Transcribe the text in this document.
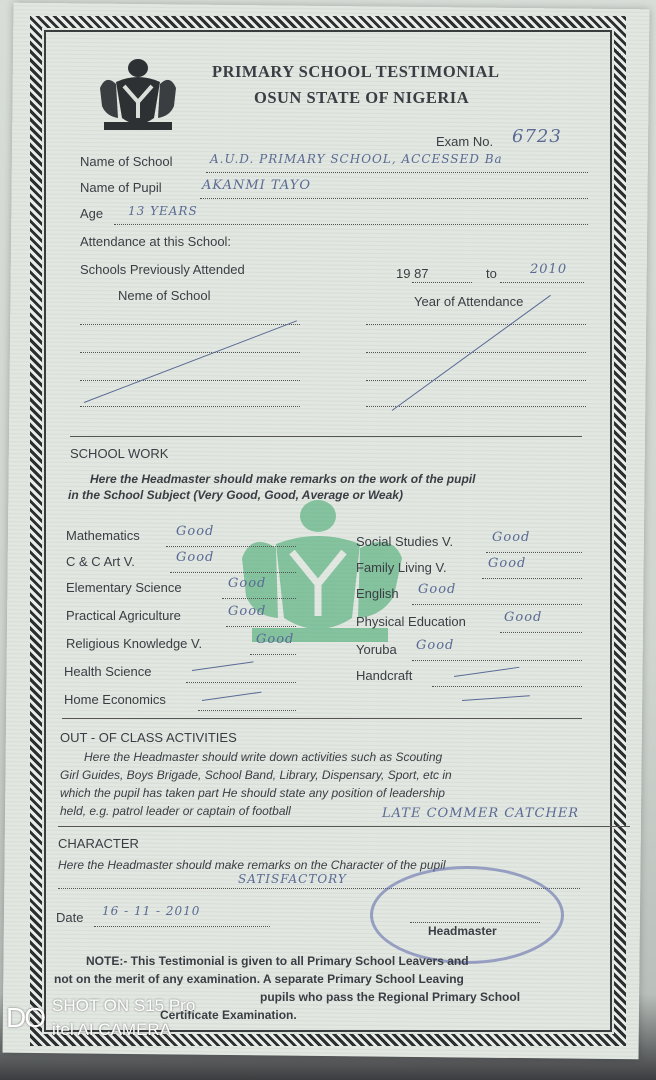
PRIMARY SCHOOL TESTIMONIAL
OSUN STATE OF NIGERIA
Exam No. 6723
Name of School	A.U.D. PRIMARY SCHOOL, ACCESSED Ba
Name of Pupil	AKANMI TAYO
Age 13 YEARS
Attendance at this School:
Schools Previously Attended	19 87	to	2010
Neme of School	Year of Attendance
SCHOOL WORK
Here the Headmaster should make remarks on the work of the pupil
in the School Subject (Very Good, Good, Average or Weak)
Mathematics	Good
C & C Art V.	Good
Elementary Science	Good
Practical Agriculture	Good
Religious Knowledge V.	Good
Health Science
Home Economics
Social Studies V.	Good
Family Living V.	Good
English Good
Physical Education	Good
Yoruba Good
Handcraft
OUT - OF CLASS ACTIVITIES
Here the Headmaster should write down activities such as Scouting
Girl Guides, Boys Brigade, School Band, Library, Dispensary, Sport, etc in
which the pupil has taken part He should state any position of leadership
held, e.g. patrol leader or captain of football	LATE COMMER CATCHER
CHARACTER
Here the Headmaster should make remarks on the Character of the pupil
SATISFACTORY
Date 16 - 11 - 2010
Headmaster
NOTE:- This Testimonial is given to all Primary School Leavers and
not on the merit of any examination. A separate Primary School Leaving
pupils who pass the Regional Primary School
Certificate Examination.
DO SHOT ON S15 Pro
itel AI CAMERA
